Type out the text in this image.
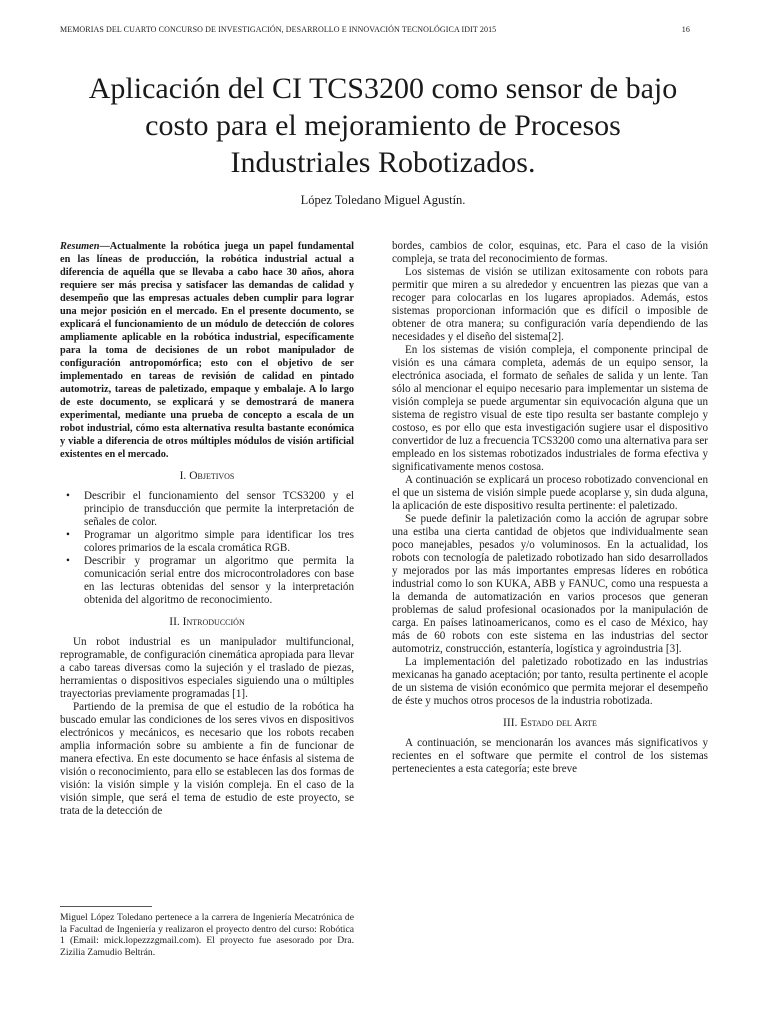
MEMORIAS DEL CUARTO CONCURSO DE INVESTIGACIÓN, DESARROLLO E INNOVACIÓN TECNOLÓGICA IDIT 2015	16
Aplicación del CI TCS3200 como sensor de bajo
costo para el mejoramiento de Procesos
Industriales Robotizados.
López Toledano Miguel Agustín.

Resumen—Actualmente la robótica juega un papel fundamental en las líneas de producción, la robótica industrial actual a diferencia de aquélla que se llevaba a cabo hace 30 años, ahora requiere ser más precisa y satisfacer las demandas de calidad y desempeño que las empresas actuales deben cumplir para lograr una mejor posición en el mercado. En el presente documento, se explicará el funcionamiento de un módulo de detección de colores ampliamente aplicable en la robótica industrial, específicamente para la toma de decisiones de un robot manipulador de configuración antropomórfica; esto con el objetivo de ser implementado en tareas de revisión de calidad en pintado automotriz, tareas de paletizado, empaque y embalaje. A lo largo de este documento, se explicará y se demostrará de manera experimental, mediante una prueba de concepto a escala de un robot industrial, cómo esta alternativa resulta bastante económica y viable a diferencia de otros múltiples módulos de visión artificial existentes en el mercado.

I. Objetivos
• Describir el funcionamiento del sensor TCS3200 y el principio de transducción que permite la interpretación de señales de color.
• Programar un algoritmo simple para identificar los tres colores primarios de la escala cromática RGB.
• Describir y programar un algoritmo que permita la comunicación serial entre dos microcontroladores con base en las lecturas obtenidas del sensor y la interpretación obtenida del algoritmo de reconocimiento.
II. Introducción

Un robot industrial es un manipulador multifuncional, reprogramable, de configuración cinemática apropiada para llevar a cabo tareas diversas como la sujeción y el traslado de piezas, herramientas o dispositivos especiales siguiendo una o múltiples trayectorias previamente programadas [1].

Partiendo de la premisa de que el estudio de la robótica ha buscado emular las condiciones de los seres vivos en dispositivos electrónicos y mecánicos, es necesario que los robots recaben amplia información sobre su ambiente a fin de funcionar de manera efectiva. En este documento se hace énfasis al sistema de visión o reconocimiento, para ello se establecen las dos formas de visión: la visión simple y la visión compleja. En el caso de la visión simple, que será el tema de estudio de este proyecto, se trata de la detección de

Miguel López Toledano pertenece a la carrera de Ingeniería Mecatrónica de la Facultad de Ingeniería y realizaron el proyecto dentro del curso: Robótica 1 (Email: mick.lopezzzgmail.com). El proyecto fue asesorado por Dra. Zizilia Zamudio Beltrán.

bordes, cambios de color, esquinas, etc. Para el caso de la visión compleja, se trata del reconocimiento de formas.

Los sistemas de visión se utilizan exitosamente con robots para permitir que miren a su alrededor y encuentren las piezas que van a recoger para colocarlas en los lugares apropiados. Además, estos sistemas proporcionan información que es difícil o imposible de obtener de otra manera; su configuración varía dependiendo de las necesidades y el diseño del sistema[2].

En los sistemas de visión compleja, el componente principal de visión es una cámara completa, además de un equipo sensor, la electrónica asociada, el formato de señales de salida y un lente. Tan sólo al mencionar el equipo necesario para implementar un sistema de visión compleja se puede argumentar sin equivocación alguna que un sistema de registro visual de este tipo resulta ser bastante complejo y costoso, es por ello que esta investigación sugiere usar el dispositivo convertidor de luz a frecuencia TCS3200 como una alternativa para ser empleado en los sistemas robotizados industriales de forma efectiva y significativamente menos costosa.

A continuación se explicará un proceso robotizado convencional en el que un sistema de visión simple puede acoplarse y, sin duda alguna, la aplicación de este dispositivo resulta pertinente: el paletizado.

Se puede definir la paletización como la acción de agrupar sobre una estiba una cierta cantidad de objetos que individualmente sean poco manejables, pesados y/o voluminosos. En la actualidad, los robots con tecnología de paletizado robotizado han sido desarrollados y mejorados por las más importantes empresas líderes en robótica industrial como lo son KUKA, ABB y FANUC, como una respuesta a la demanda de automatización en varios procesos que generan problemas de salud profesional ocasionados por la manipulación de carga. En países latinoamericanos, como es el caso de México, hay más de 60 robots con este sistema en las industrias del sector automotriz, construcción, estantería, logística y agroindustria [3].

La implementación del paletizado robotizado en las industrias mexicanas ha ganado aceptación; por tanto, resulta pertinente el acople de un sistema de visión económico que permita mejorar el desempeño de éste y muchos otros procesos de la industria robotizada.

III. Estado del Arte

A continuación, se mencionarán los avances más significativos y recientes en el software que permite el control de los sistemas pertenecientes a esta categoría; este breve
